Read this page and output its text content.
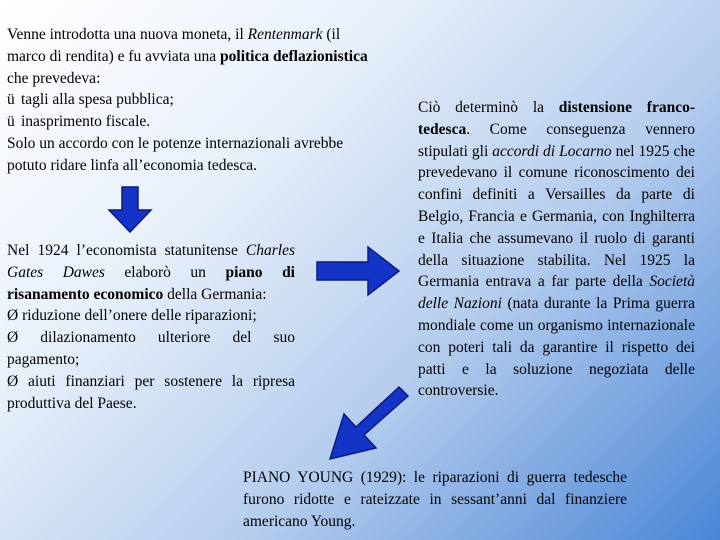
Venne introdotta una nuova moneta, il Rentenmark (il

marco di rendita) e fu avviata una politica deflazionistica

che prevedeva:

ü tagli alla spesa pubblica;

ü inasprimento fiscale.

Solo un accordo con le potenze internazionali avrebbe

potuto ridare linfa all’economia tedesca.

Nel 1924 l’economista statunitense Charles Gates Dawes elaborò un piano di risanamento economico della Germania:

Ø riduzione dell’onere delle riparazioni;

Ø dilazionamento ulteriore del suo pagamento;

Ø aiuti finanziari per sostenere la ripresa produttiva del Paese.

Ciò determinò la distensione franco-tedesca. Come conseguenza vennero stipulati gli accordi di Locarno nel 1925 che prevedevano il comune riconoscimento dei confini definiti a Versailles da parte di Belgio, Francia e Germania, con Inghilterra e Italia che assumevano il ruolo di garanti della situazione stabilita. Nel 1925 la Germania entrava a far parte della Società delle Nazioni (nata durante la Prima guerra mondiale come un organismo internazionale con poteri tali da garantire il rispetto dei patti e la soluzione negoziata delle controversie.

PIANO YOUNG (1929): le riparazioni di guerra tedesche furono ridotte e rateizzate in sessant’anni dal finanziere americano Young.
